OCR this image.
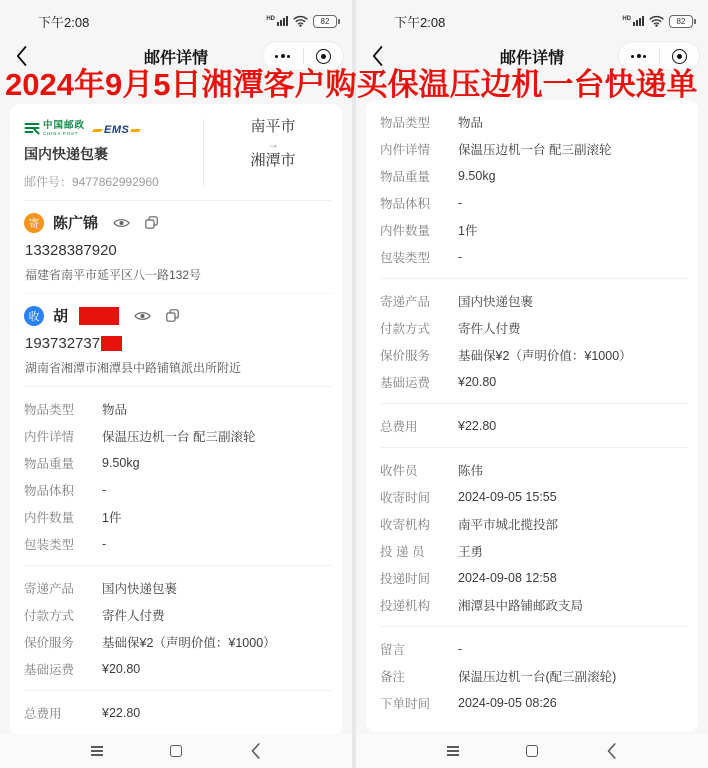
下午2:08	HD	82
邮件详情
中国邮政
CHINA POST	EMS
国内快递包裹
邮件号：9477862992960
南平市
→
湘潭市
寄 陈广锦
13328387920
福建省南平市延平区八一路132号
收 胡
193732737
湖南省湘潭市湘潭县中路铺镇派出所附近
物品类型	物品
内件详情	保温压边机一台 配三副滚轮
物品重量	9.50kg
物品体积	-
内件数量	1件
包装类型	-
寄递产品	国内快递包裹
付款方式	寄件人付费
保价服务	基础保¥2（声明价值：¥1000）
基础运费	¥20.80
总费用	¥22.80
下午2:08	HD	82
邮件详情
物品类型	物品
内件详情	保温压边机一台 配三副滚轮
物品重量	9.50kg
物品体积	-
内件数量	1件
包装类型	-
寄递产品	国内快递包裹
付款方式	寄件人付费
保价服务	基础保¥2（声明价值：¥1000）
基础运费	¥20.80
总费用	¥22.80
收件员	陈伟
收寄时间	2024-09-05 15:55
收寄机构	南平市城北揽投部
投 递 员	王勇
投递时间	2024-09-08 12:58
投递机构	湘潭县中路铺邮政支局
留言	-
备注	保温压边机一台(配三副滚轮)
下单时间	2024-09-05 08:26
2024年9月5日湘潭客户购买保温压边机一台快递单
